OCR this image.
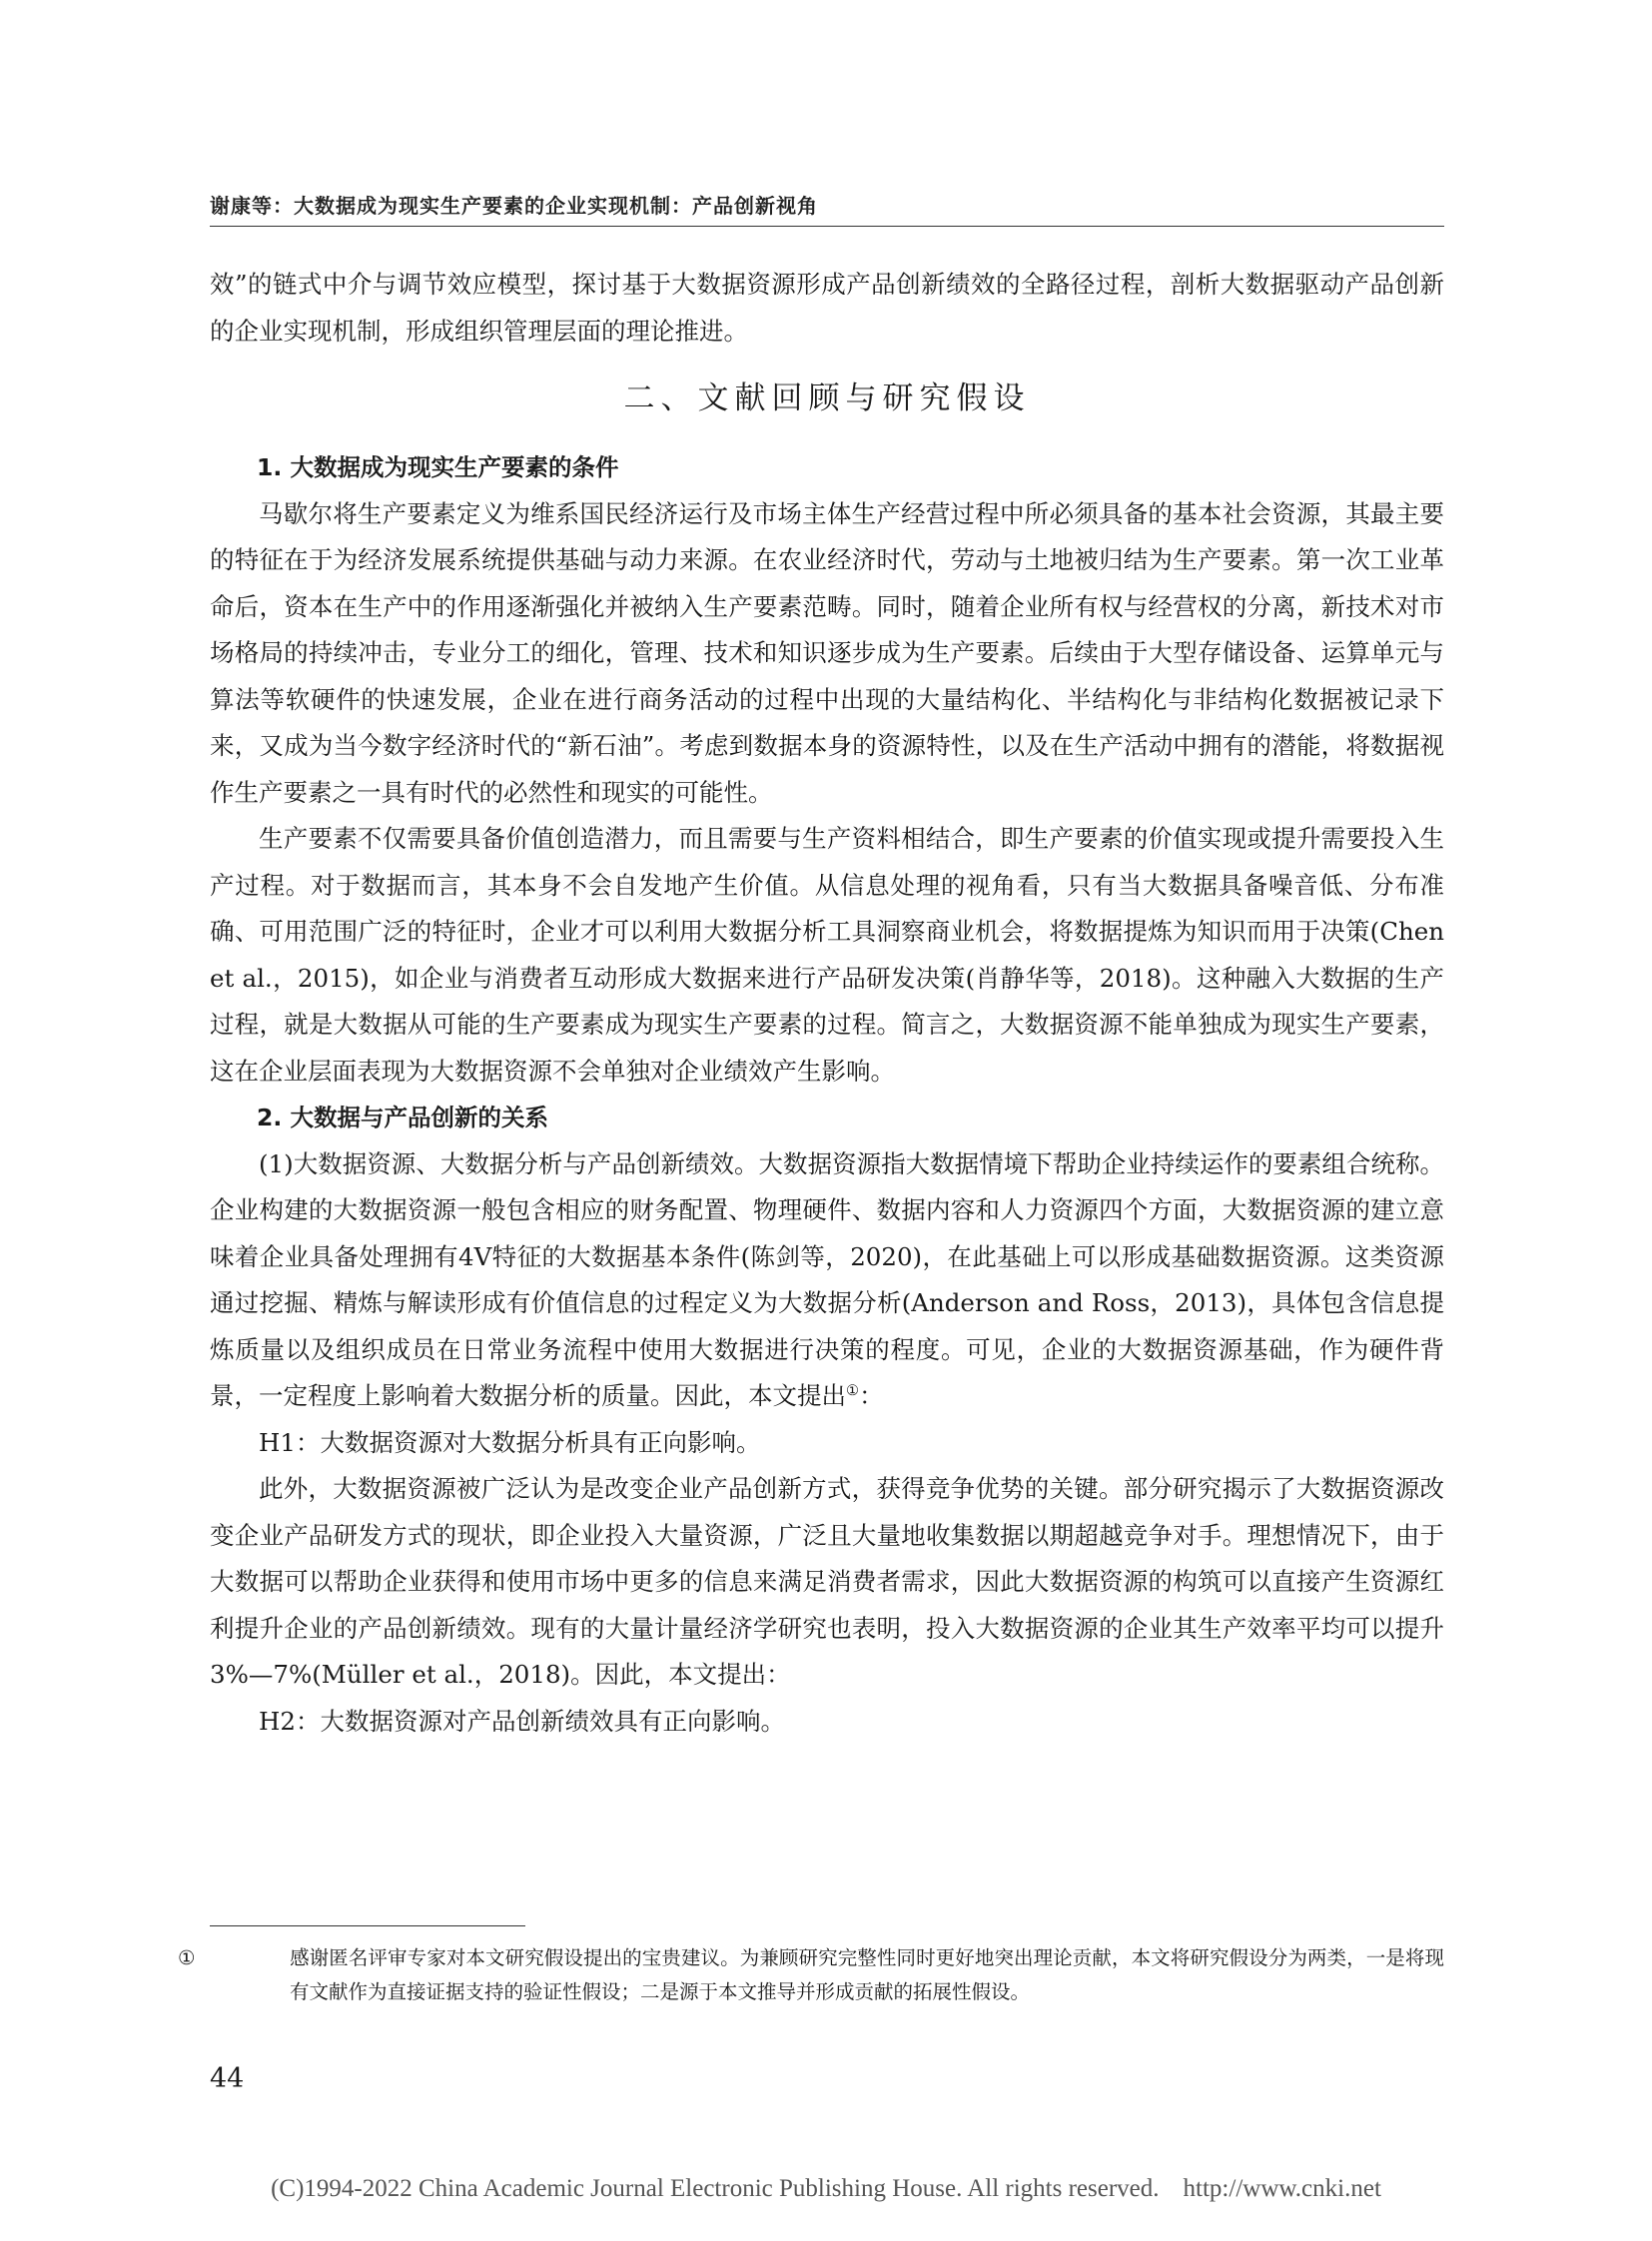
谢康等：大数据成为现实生产要素的企业实现机制：产品创新视角

效”的链式中介与调节效应模型，探讨基于大数据资源形成产品创新绩效的全路径过程，剖析大数据驱动产品创新的企业实现机制，形成组织管理层面的理论推进。

二、文献回顾与研究假设
1. 大数据成为现实生产要素的条件

马歇尔将生产要素定义为维系国民经济运行及市场主体生产经营过程中所必须具备的基本社会资源，其最主要的特征在于为经济发展系统提供基础与动力来源。在农业经济时代，劳动与土地被归结为生产要素。第一次工业革命后，资本在生产中的作用逐渐强化并被纳入生产要素范畴。同时，随着企业所有权与经营权的分离，新技术对市场格局的持续冲击，专业分工的细化，管理、技术和知识逐步成为生产要素。后续由于大型存储设备、运算单元与算法等软硬件的快速发展，企业在进行商务活动的过程中出现的大量结构化、半结构化与非结构化数据被记录下来，又成为当今数字经济时代的“新石油”。考虑到数据本身的资源特性，以及在生产活动中拥有的潜能，将数据视作生产要素之一具有时代的必然性和现实的可能性。

生产要素不仅需要具备价值创造潜力，而且需要与生产资料相结合，即生产要素的价值实现或提升需要投入生产过程。对于数据而言，其本身不会自发地产生价值。从信息处理的视角看，只有当大数据具备噪音低、分布准确、可用范围广泛的特征时，企业才可以利用大数据分析工具洞察商业机会，将数据提炼为知识而用于决策(Chen et al.，2015)，如企业与消费者互动形成大数据来进行产品研发决策(肖静华等，2018)。这种融入大数据的生产过程，就是大数据从可能的生产要素成为现实生产要素的过程。简言之，大数据资源不能单独成为现实生产要素，这在企业层面表现为大数据资源不会单独对企业绩效产生影响。

2. 大数据与产品创新的关系

(1)大数据资源、大数据分析与产品创新绩效。大数据资源指大数据情境下帮助企业持续运作的要素组合统称。企业构建的大数据资源一般包含相应的财务配置、物理硬件、数据内容和人力资源四个方面，大数据资源的建立意味着企业具备处理拥有4V特征的大数据基本条件(陈剑等，2020)，在此基础上可以形成基础数据资源。这类资源通过挖掘、精炼与解读形成有价值信息的过程定义为大数据分析(Anderson and Ross，2013)，具体包含信息提炼质量以及组织成员在日常业务流程中使用大数据进行决策的程度。可见，企业的大数据资源基础，作为硬件背景，一定程度上影响着大数据分析的质量。因此，本文提出①：

H1：大数据资源对大数据分析具有正向影响。

此外，大数据资源被广泛认为是改变企业产品创新方式，获得竞争优势的关键。部分研究揭示了大数据资源改变企业产品研发方式的现状，即企业投入大量资源，广泛且大量地收集数据以期超越竞争对手。理想情况下，由于大数据可以帮助企业获得和使用市场中更多的信息来满足消费者需求，因此大数据资源的构筑可以直接产生资源红利提升企业的产品创新绩效。现有的大量计量经济学研究也表明，投入大数据资源的企业其生产效率平均可以提升3%—7%(Müller et al.，2018)。因此，本文提出：

H2：大数据资源对产品创新绩效具有正向影响。

①	感谢匿名评审专家对本文研究假设提出的宝贵建议。为兼顾研究完整性同时更好地突出理论贡献，本文将研究假设分为两类，一是将现有文献作为直接证据支持的验证性假设；二是源于本文推导并形成贡献的拓展性假设。
44
(C)1994-2022 China Academic Journal Electronic Publishing House. All rights reserved. http://www.cnki.net
